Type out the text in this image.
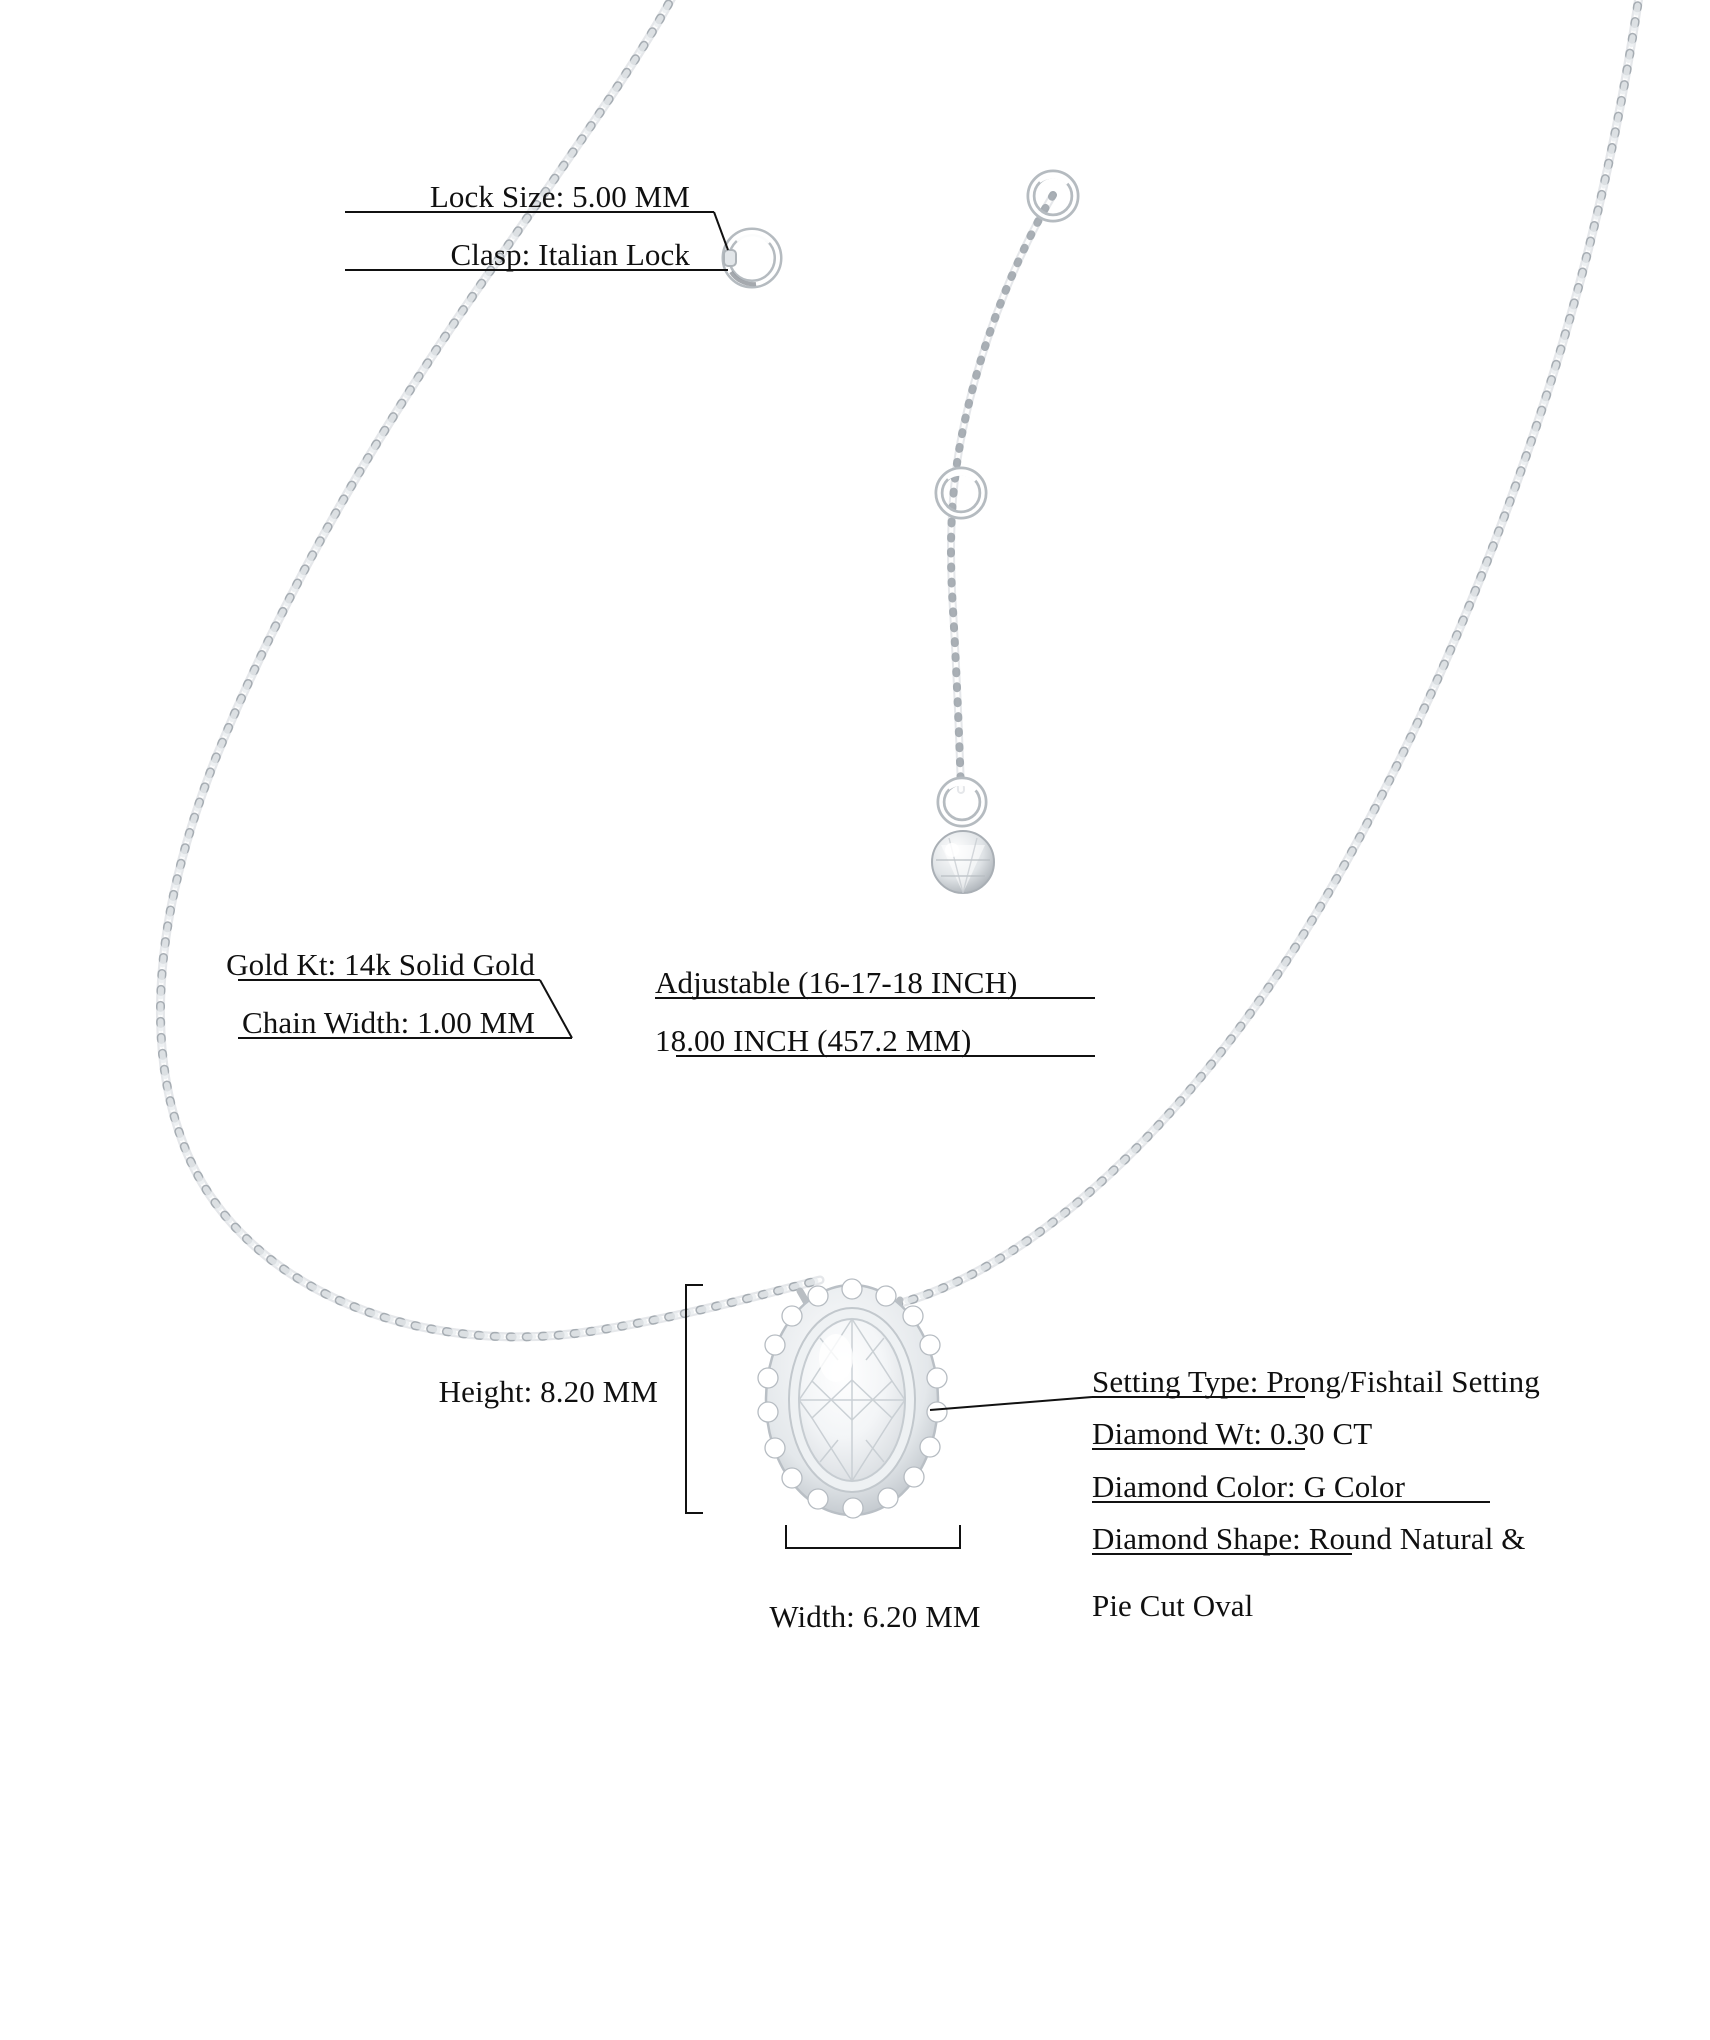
Lock Size: 5.00 MM
Clasp: Italian Lock
Gold Kt: 14k Solid Gold
Chain Width: 1.00 MM
Adjustable (16-17-18 INCH)
18.00 INCH (457.2 MM)
Height: 8.20 MM
Width: 6.20 MM
Setting Type: Prong/Fishtail Setting
Diamond Wt: 0.30 CT
Diamond Color: G Color
Diamond Shape: Round Natural &
Pie Cut Oval
